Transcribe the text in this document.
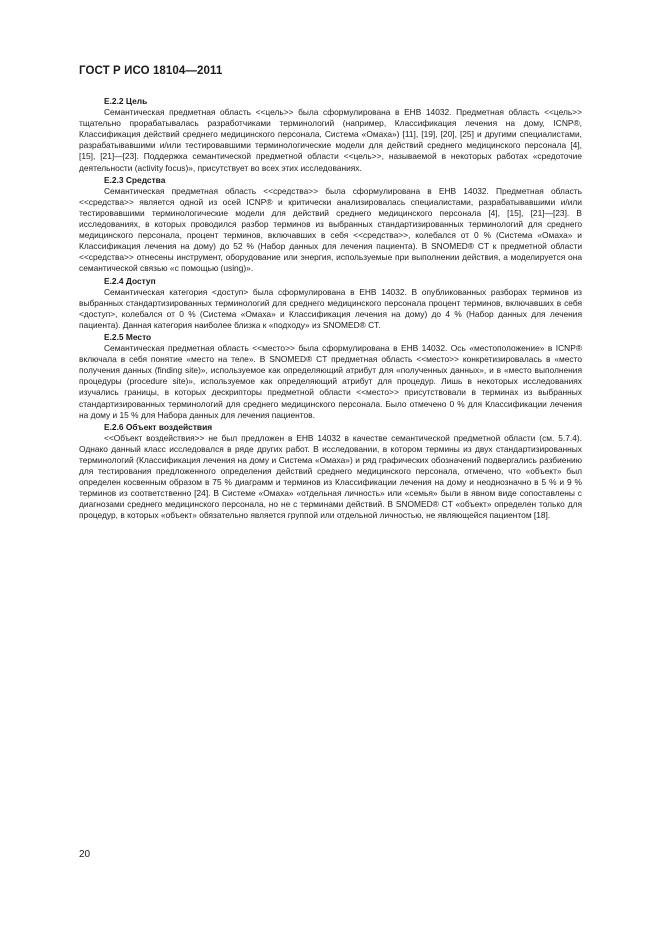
ГОСТ Р ИСО 18104—2011
E.2.2 Цель

Семантическая предметная область <<цель>> была сформулирована в ЕНВ 14032. Предметная область <<цель>> тщательно прорабатывалась разработчиками терминологий (например, Классификация лечения на дому, ICNP®, Классификация действий среднего медицинского персонала, Система «Омаха») [11], [19], [20], [25] и другими специалистами, разрабатывавшими и/или тестировавшими терминологические модели для действий среднего медицинского персонала [4], [15], [21]—[23]. Поддержка семантической предметной области <<цель>>, называемой в некоторых работах «средоточие деятельности (activity focus)», присутствует во всех этих исследованиях.

E.2.3 Средства

Семантическая предметная область <<средства>> была сформулирована в ЕНВ 14032. Предметная область <<средства>> является одной из осей ICNP® и критически анализировалась специалистами, разрабатывавшими и/или тестировавшими терминологические модели для действий среднего медицинского персонала [4], [15], [21]—[23]. В исследованиях, в которых проводился разбор терминов из выбранных стандартизированных терминологий для среднего медицинского персонала, процент терминов, включавших в себя <<средства>>, колебался от 0 % (Система «Омаха» и Классификация лечения на дому) до 52 % (Набор данных для лечения пациента). В SNOMED® CT к предметной области <<средства>> отнесены инструмент, оборудование или энергия, используемые при выполнении действия, а моделируется она семантической связью «с помощью (using)».

E.2.4 Доступ

Семантическая категория <доступ> была сформулирована в ЕНВ 14032. В опубликованных разборах терминов из выбранных стандартизированных терминологий для среднего медицинского персонала процент терминов, включавших в себя <доступ>, колебался от 0 % (Система «Омаха» и Классификация лечения на дому) до 4 % (Набор данных для лечения пациента). Данная категория наиболее близка к «подходу» из SNOMED® CT.

E.2.5 Место

Семантическая предметная область <<место>> была сформулирована в ЕНВ 14032. Ось «местоположение» в ICNP® включала в себя понятие «место на теле». В SNOMED® CT предметная область <<место>> конкретизировалась в «место получения данных (finding site)», используемое как определяющий атрибут для «полученных данных», и в «место выполнения процедуры (procedure site)», используемое как определяющий атрибут для процедур. Лишь в некоторых исследованиях изучались границы, в которых дескрипторы предметной области <<место>> присутствовали в терминах из выбранных стандартизированных терминологий для среднего медицинского персонала. Было отмечено 0 % для Классификации лечения на дому и 15 % для Набора данных для лечения пациентов.

E.2.6 Объект воздействия

<<Объект воздействия>> не был предложен в ЕНВ 14032 в качестве семантической предметной области (см. 5.7.4). Однако данный класс исследовался в ряде других работ. В исследовании, в котором термины из двух стандартизированных терминологий (Классификация лечения на дому и Система «Омаха») и ряд графических обозначений подвергались разбиению для тестирования предложенного определения действий среднего медицинского персонала, отмечено, что «объект» был определен косвенным образом в 75 % диаграмм и терминов из Классификации лечения на дому и неоднозначно в 5 % и 9 % терминов из соответственно [24]. В Системе «Омаха» «отдельная личность» или «семья» были в явном виде сопоставлены с диагнозами среднего медицинского персонала, но не с терминами действий. В SNOMED® CT «объект» определен только для процедур, в которых «объект» обязательно является группой или отдельной личностью, не являющейся пациентом [18].

20
